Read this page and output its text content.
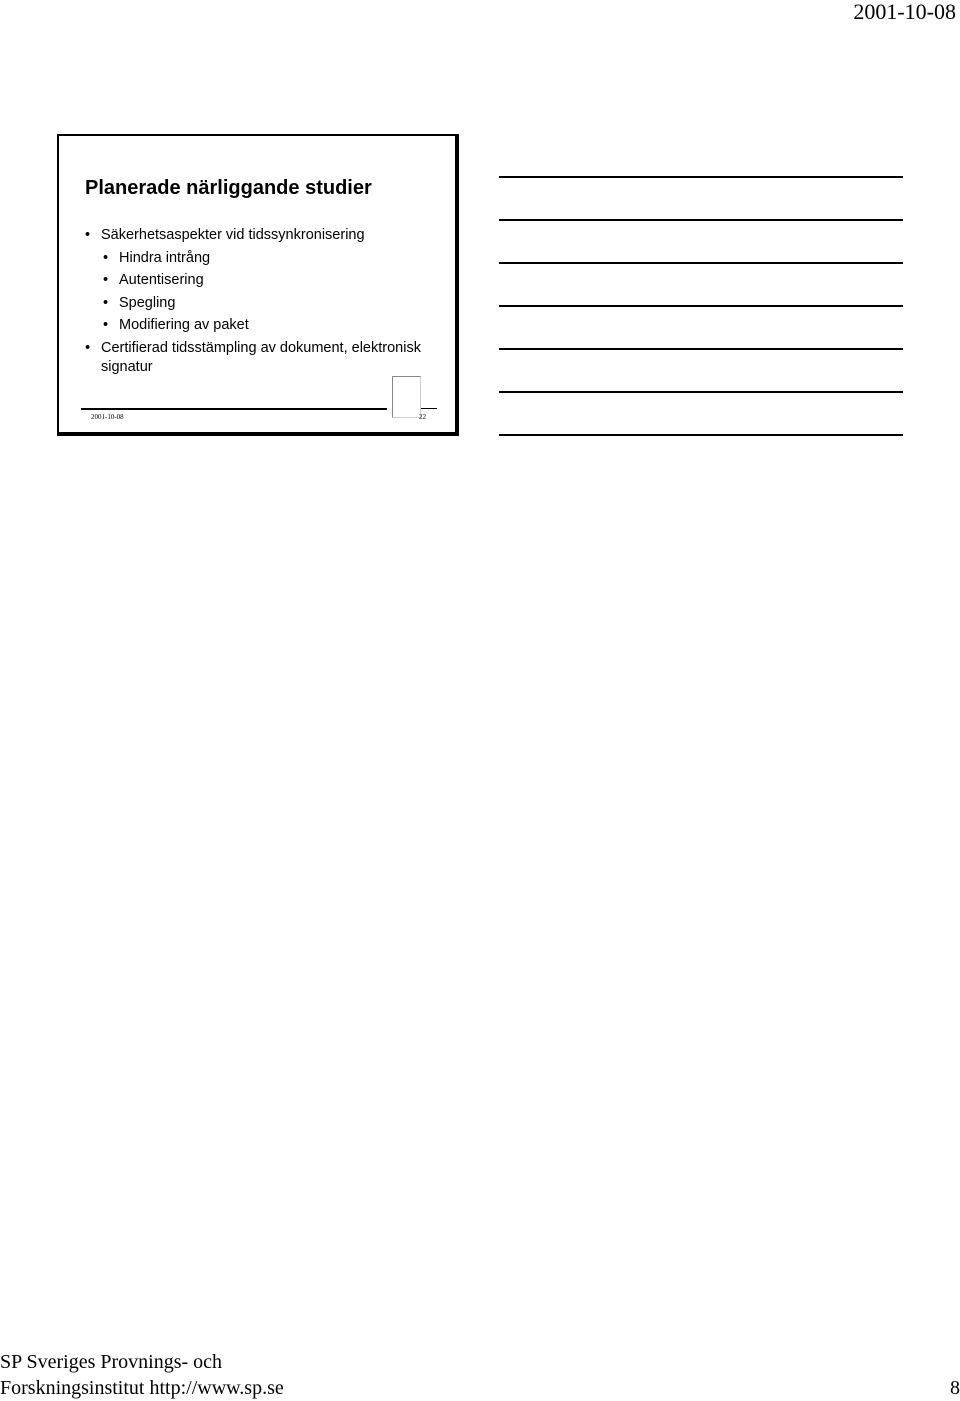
2001-10-08
Planerade närliggande studier
• Säkerhetsaspekter vid tidssynkronisering
• Hindra intrång
• Autentisering
• Spegling
• Modifiering av paket
• Certifierad tidsstämpling av dokument, elektronisk signatur
2001-10-08	22
SP Sveriges Provnings- och
Forskningsinstitut http://www.sp.se	8
